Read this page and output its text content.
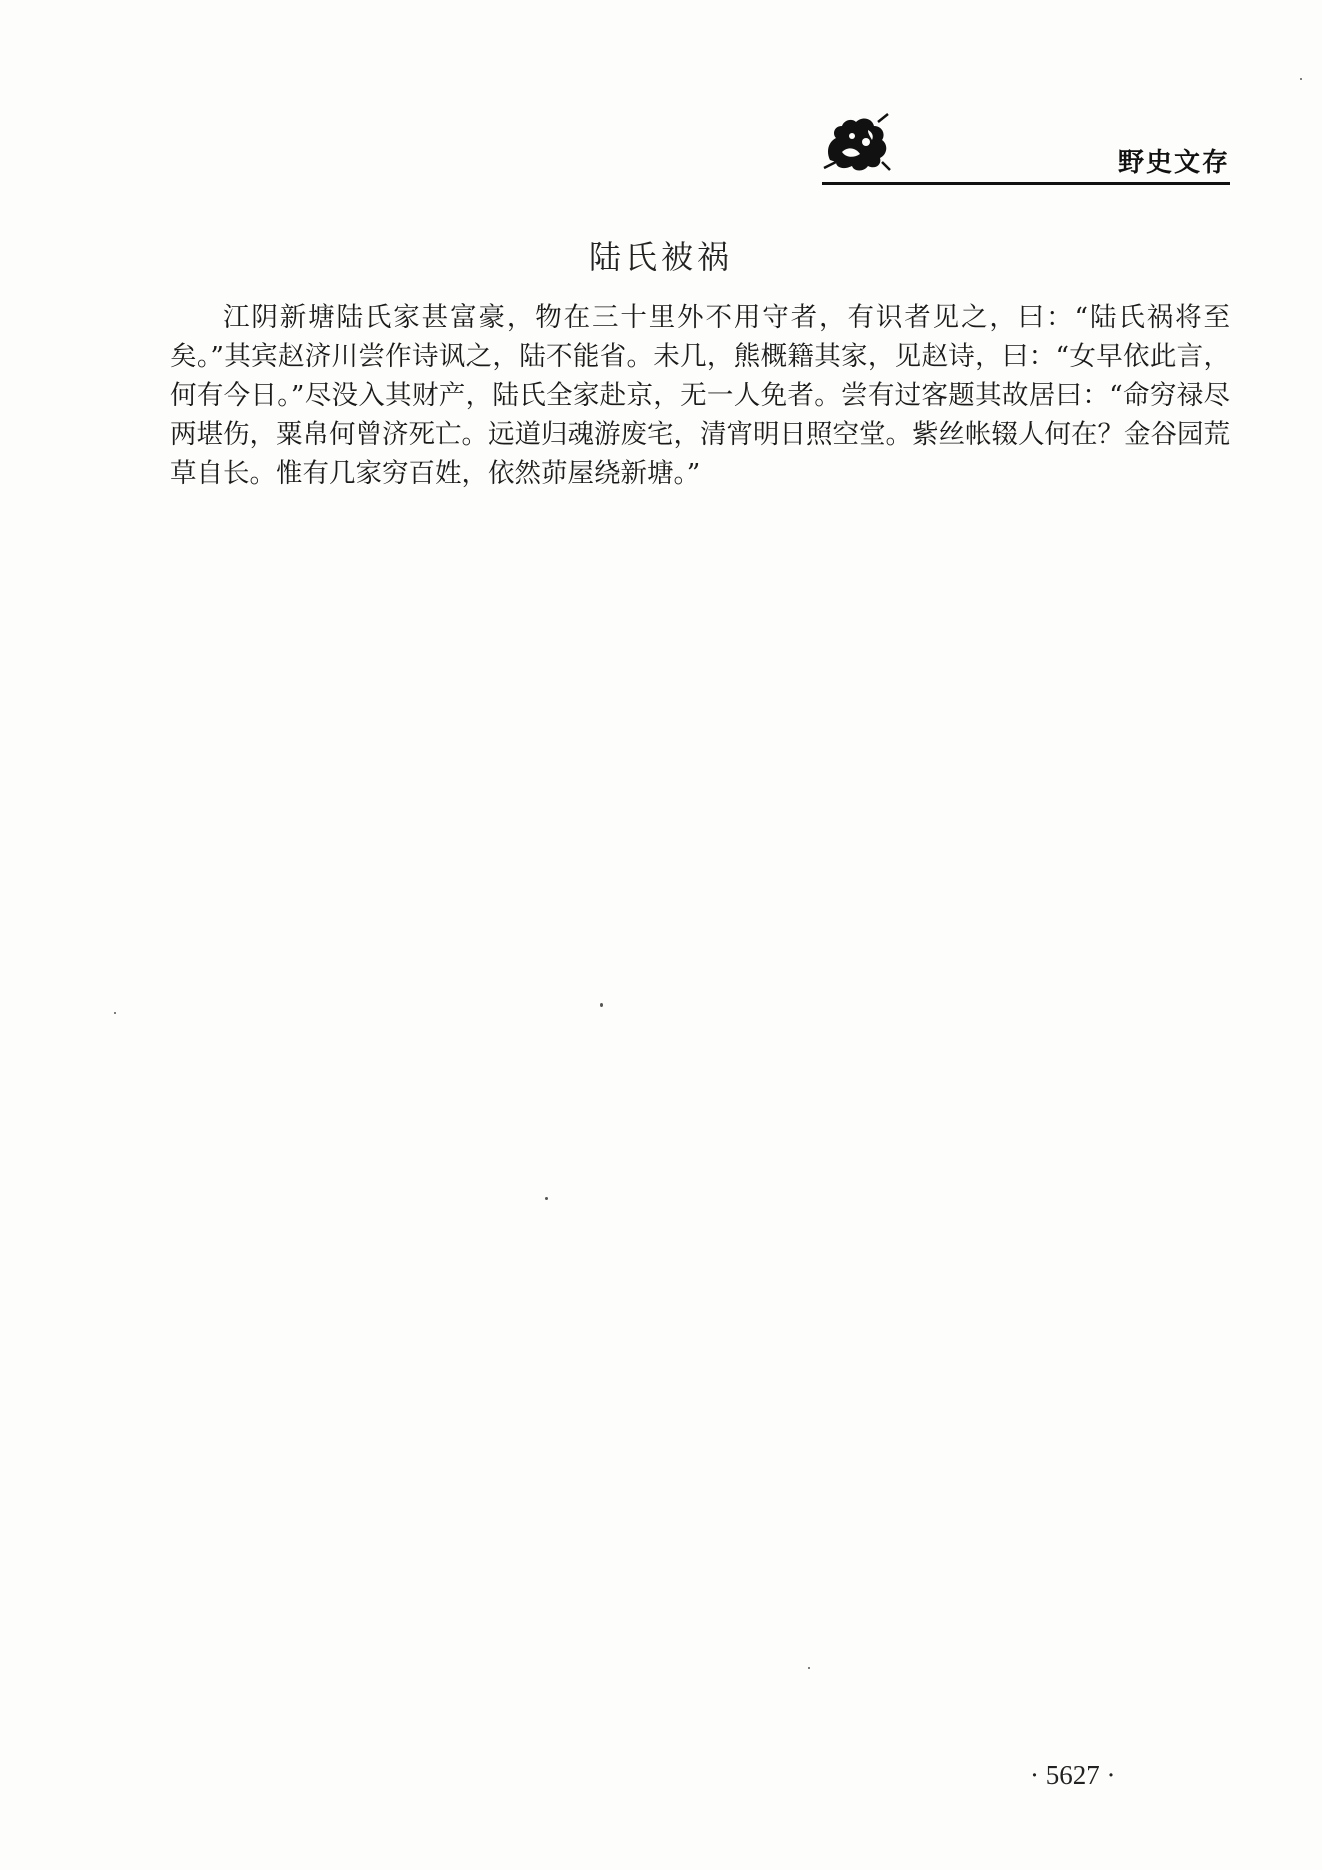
野史文存
陆氏被祸

江阴新塘陆氏家甚富豪，物在三十里外不用守者，有识者见之，曰：“陆氏祸将至矣。”其宾赵济川尝作诗讽之，陆不能省。未几，熊概籍其家，见赵诗，曰：“女早依此言，何有今日。”尽没入其财产，陆氏全家赴京，无一人免者。尝有过客题其故居曰：“命穷禄尽两堪伤，粟帛何曾济死亡。远道归魂游废宅，清宵明日照空堂。紫丝帐辍人何在？金谷园荒草自长。惟有几家穷百姓，依然茆屋绕新塘。”

· 5627 ·
